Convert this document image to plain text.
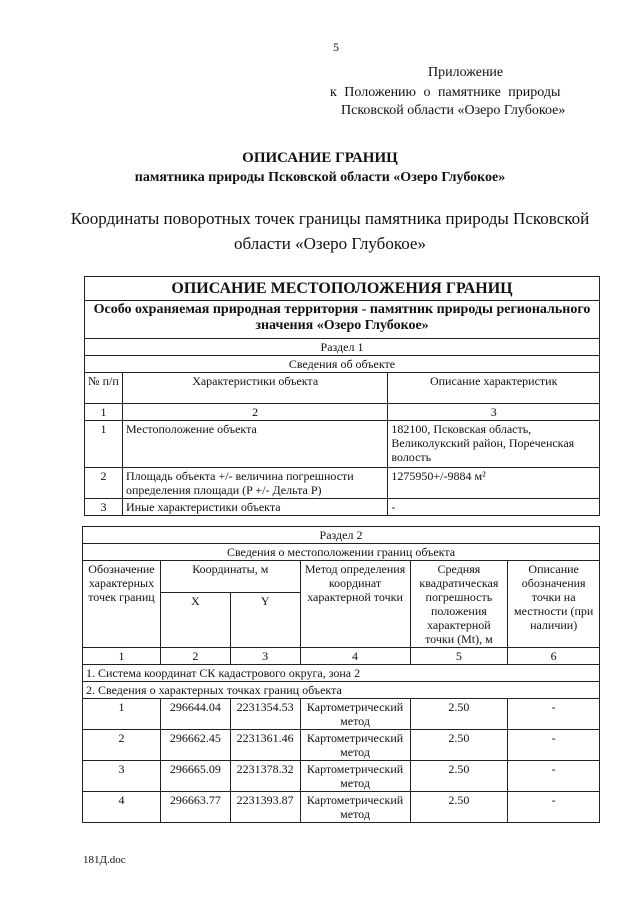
5
Приложение
к Положению о памятнике природы
Псковской области «Озеро Глубокое»
ОПИСАНИЕ ГРАНИЦ
памятника природы Псковской области «Озеро Глубокое»
Координаты поворотных точек границы памятника природы Псковской области «Озеро Глубокое»
ОПИСАНИЕ МЕСТОПОЛОЖЕНИЯ ГРАНИЦ		
Особо охраняемая природная территория - памятник природы регионального значения «Озеро Глубокое»		
Раздел 1		
Сведения об объекте		
№ п/п	Характеристики объекта	Описание характеристик
1	2	3
1	Местоположение объекта	182100, Псковская область, Великолукский район, Пореченская волость
2	Площадь объекта +/- величина погрешности определения площади (P +/- Дельта P)	1275950+/-9884 м²
3	Иные характеристики объекта	-
Раздел 2					
Сведения о местоположении границ объекта					
Обозначение характерных точек границ	Координаты, м		Метод определения координат характерной точки	Средняя квадратическая погрешность положения характерной точки (Mt), м	Описание обозначения точки на местности (при наличии)
	X	Y			
1	2	3	4	5	6
1. Система координат СК кадастрового округа, зона 2					
2. Сведения о характерных точках границ объекта					
1	296644.04	2231354.53	Картометрический метод	2.50	-
2	296662.45	2231361.46	Картометрический метод	2.50	-
3	296665.09	2231378.32	Картометрический метод	2.50	-
4	296663.77	2231393.87	Картометрический метод	2.50	-
181Д.doc
